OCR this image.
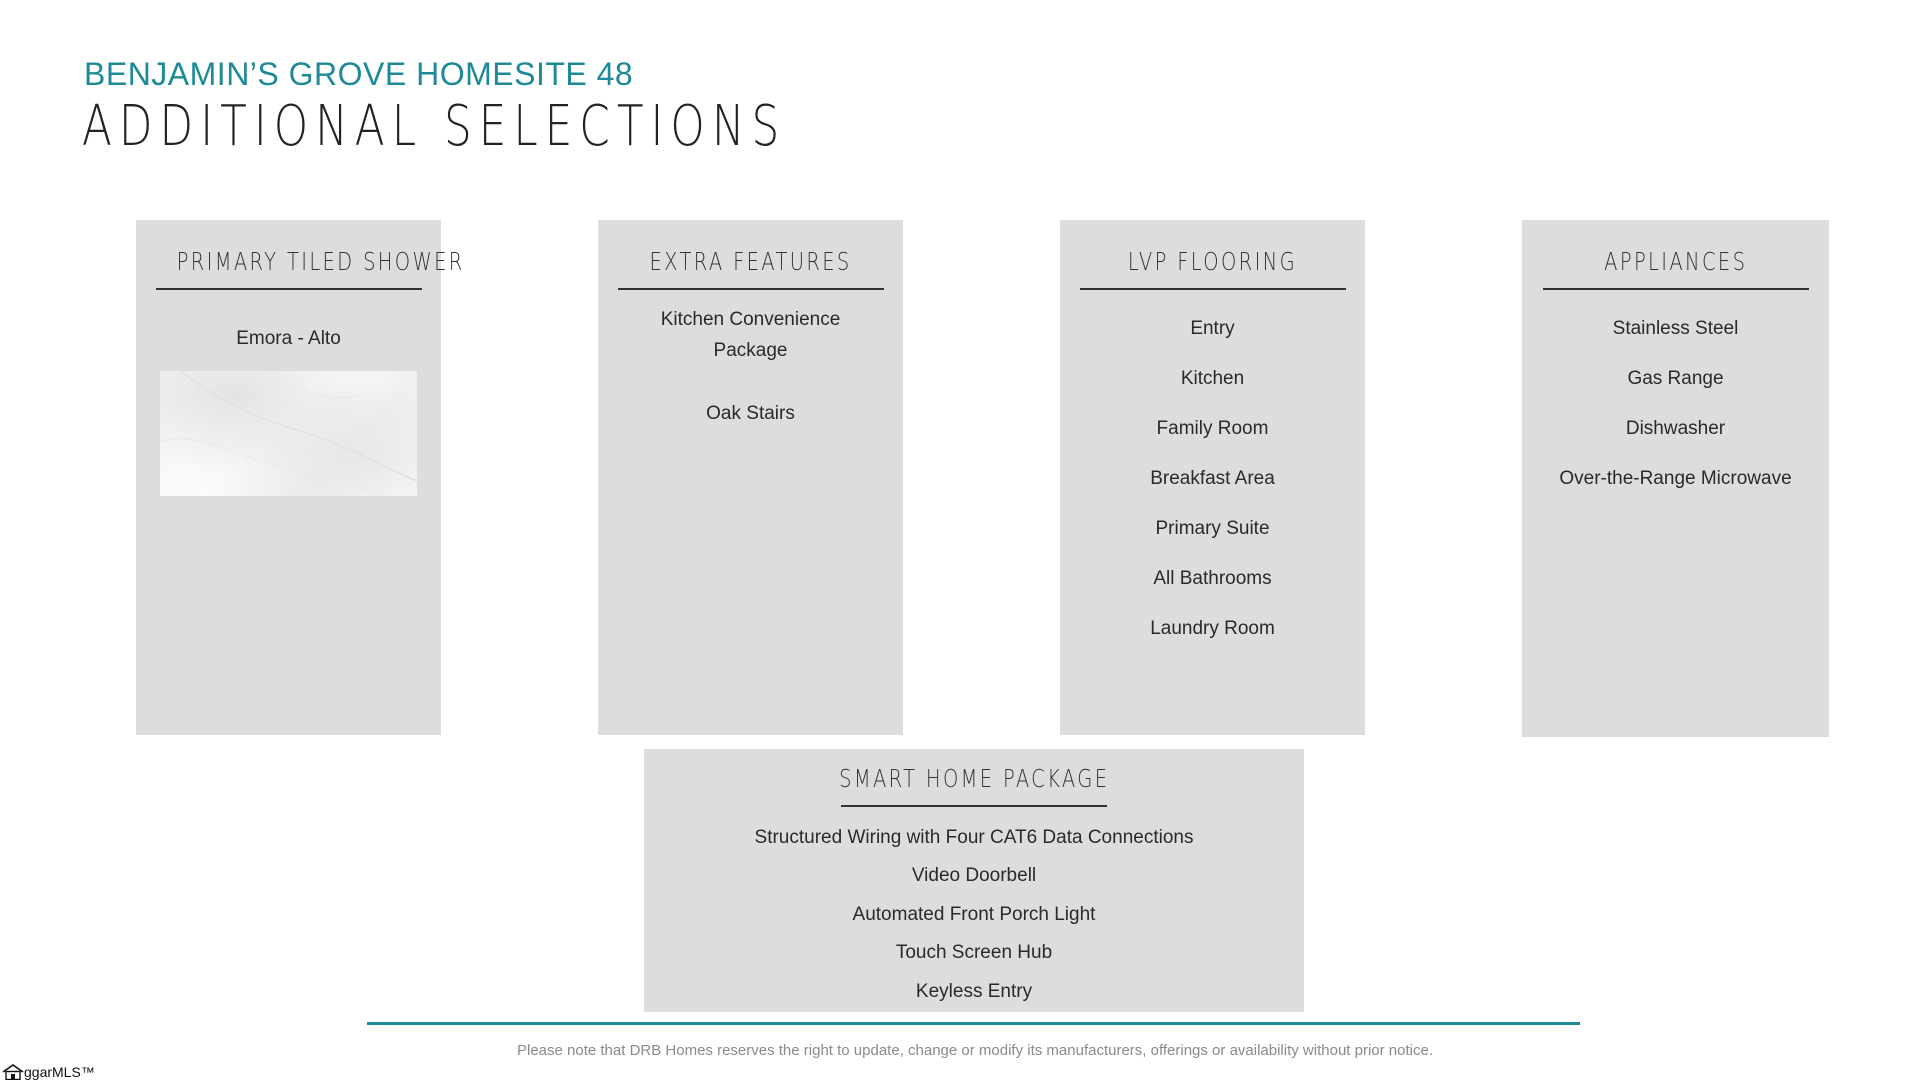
BENJAMIN’S GROVE HOMESITE 48
ADDITIONAL SELECTIONS
PRIMARY TILED SHOWER
Emora - Alto
EXTRA FEATURES
Kitchen Convenience Package
Oak Stairs
LVP FLOORING
Entry
Kitchen
Family Room
Breakfast Area
Primary Suite
All Bathrooms
Laundry Room
APPLIANCES
Stainless Steel
Gas Range
Dishwasher
Over-the-Range Microwave
SMART HOME PACKAGE
Structured Wiring with Four CAT6 Data Connections
Video Doorbell
Automated Front Porch Light
Touch Screen Hub
Keyless Entry
Please note that DRB Homes reserves the right to update, change or modify its manufacturers, offerings or availability without prior notice.
ggarMLS™
